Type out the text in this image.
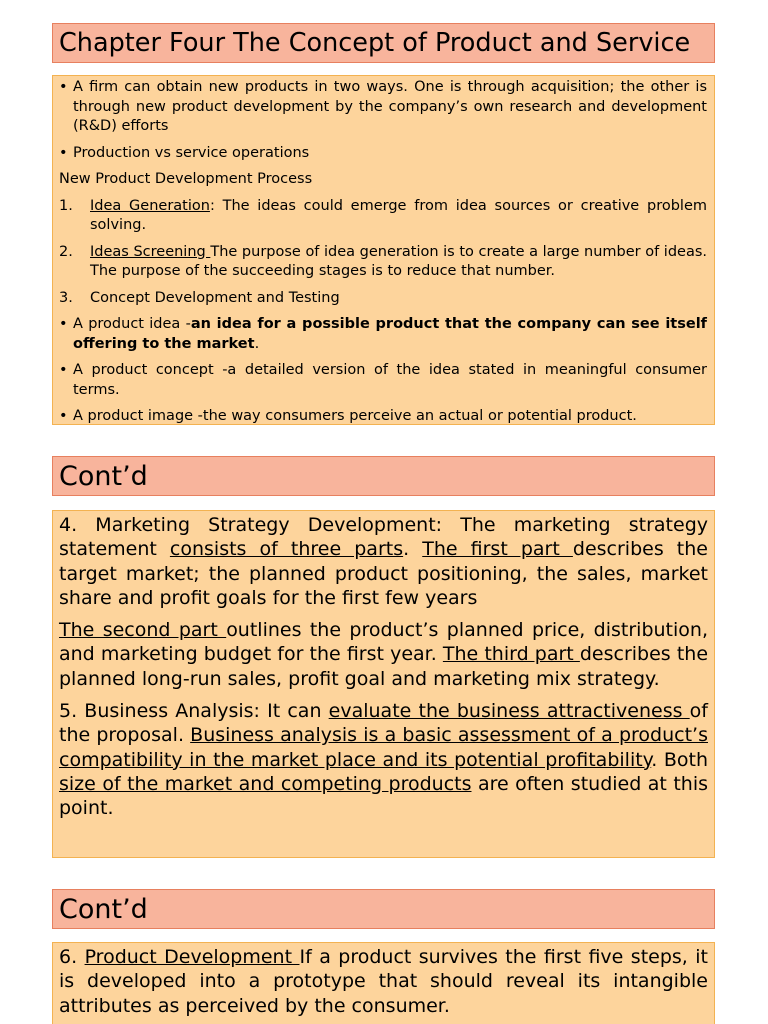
Chapter Four The Concept of Product and Service
• A firm can obtain new products in two ways. One is through acquisition; the other is through new product development by the company’s own research and development (R&D) efforts
• Production vs service operations

New Product Development Process

1.	Idea Generation: The ideas could emerge from idea sources or creative problem solving.
2.	Ideas Screening The purpose of idea generation is to create a large number of ideas. The purpose of the succeeding stages is to reduce that number.
3.	Concept Development and Testing
• A product idea -an idea for a possible product that the company can see itself offering to the market.
• A product concept -a detailed version of the idea stated in meaningful consumer terms.
• A product image -the way consumers perceive an actual or potential product.
Cont’d

4. Marketing Strategy Development: The marketing strategy statement consists of three parts. The first part describes the target market; the planned product positioning, the sales, market share and profit goals for the first few years

The second part outlines the product’s planned price, distribution, and marketing budget for the first year. The third part describes the planned long-run sales, profit goal and marketing mix strategy.

5. Business Analysis: It can evaluate the business attractiveness of the proposal. Business analysis is a basic assessment of a product’s compatibility in the market place and its potential profitability. Both size of the market and competing products are often studied at this point.

Cont’d

6. Product Development If a product survives the first five steps, it is developed into a prototype that should reveal its intangible attributes as perceived by the consumer.
